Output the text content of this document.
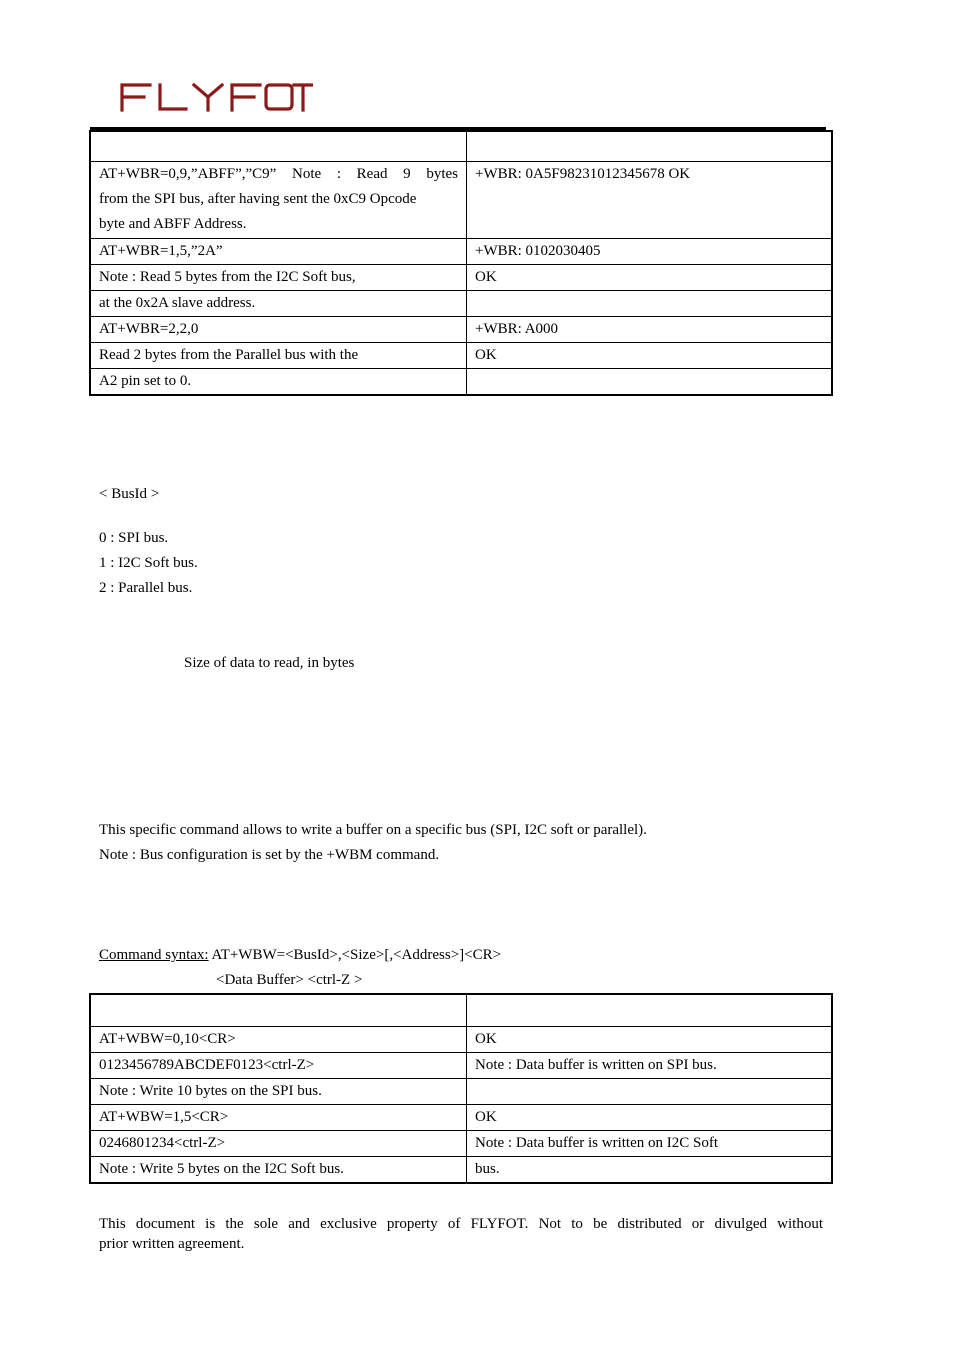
AT+WBR=0,9,”ABFF”,”C9” Note : Read 9 bytes
from the SPI bus, after having sent the 0xC9 Opcode
byte and ABFF Address.	+WBR: 0A5F98231012345678 OK
AT+WBR=1,5,”2A”	+WBR: 0102030405
Note : Read 5 bytes from the I2C Soft bus,	OK
at the 0x2A slave address.	
AT+WBR=2,2,0	+WBR: A000
Read 2 bytes from the Parallel bus with the	OK
A2 pin set to 0.	
< BusId >
0 : SPI bus.
1 : I2C Soft bus.
2 : Parallel bus.
Size of data to read, in bytes
This specific command allows to write a buffer on a specific bus (SPI, I2C soft or parallel).
Note : Bus configuration is set by the +WBM command.
Command syntax: AT+WBW=<BusId>,<Size>[,<Address>]<CR>
<Data Buffer> <ctrl-Z >

AT+WBW=0,10<CR>	OK
0123456789ABCDEF0123<ctrl-Z>	Note : Data buffer is written on SPI bus.
Note : Write 10 bytes on the SPI bus.	
AT+WBW=1,5<CR>	OK
0246801234<ctrl-Z>	Note : Data buffer is written on I2C Soft
Note : Write 5 bytes on the I2C Soft bus.	bus.
This document is the sole and exclusive property of FLYFOT. Not to be distributed or divulged without
prior written agreement.
